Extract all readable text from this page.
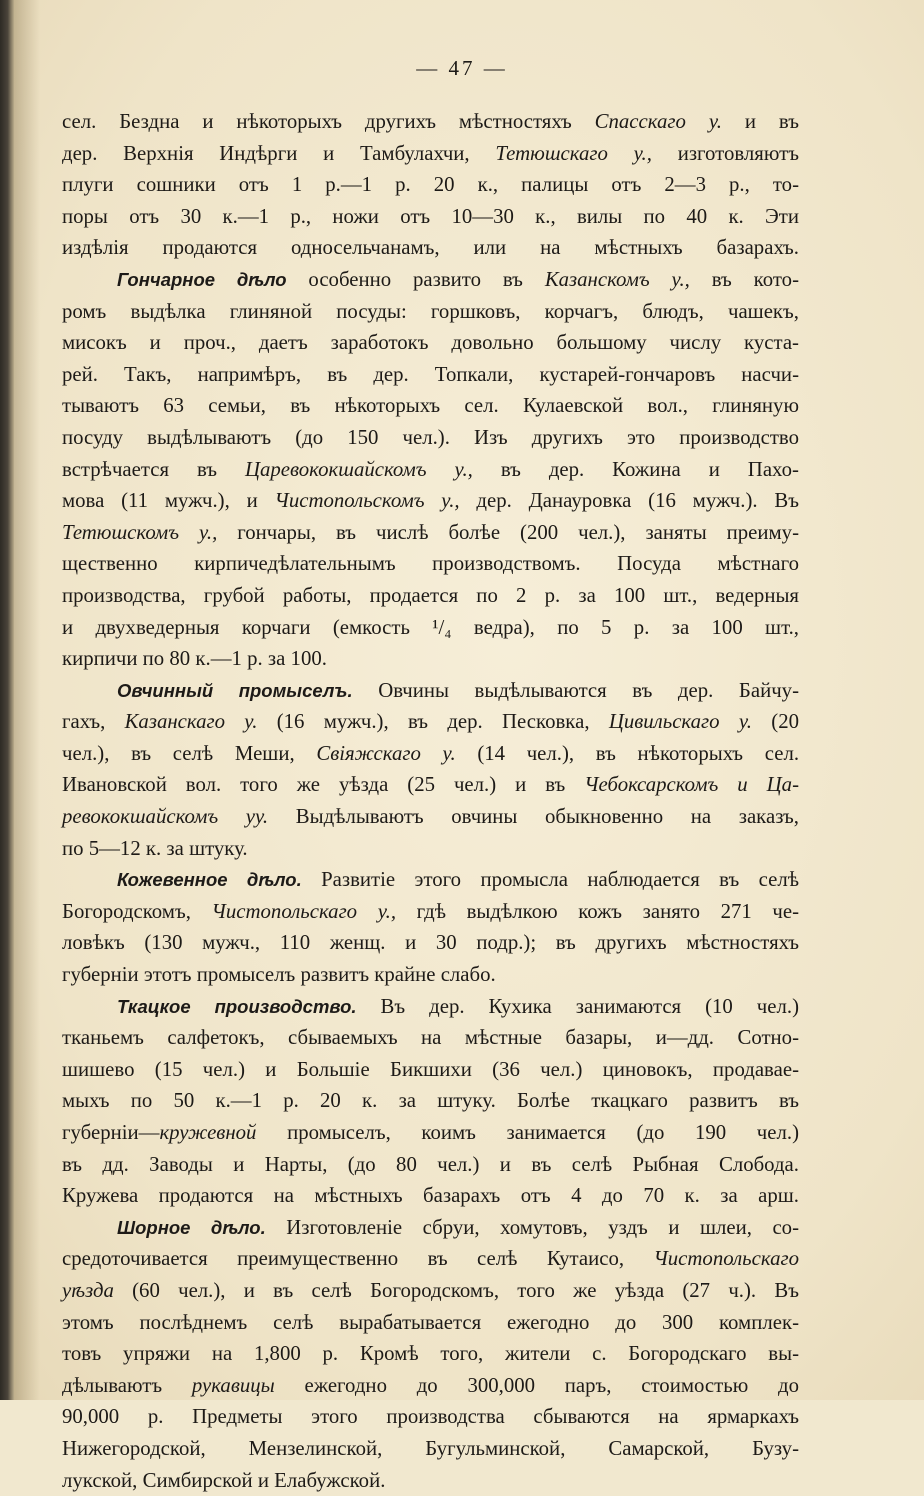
— 47 —
сел. Бездна и нѣкоторыхъ другихъ мѣстностяхъ Спасскаго у. и въ
дер. Верхнія Индѣрги и Тамбулахчи, Тетюшскаго у., изготовляютъ
плуги сошники отъ 1 р.—1 р. 20 к., палицы отъ 2—3 р., то-
поры отъ 30 к.—1 р., ножи отъ 10—30 к., вилы по 40 к. Эти
издѣлія продаются односельчанамъ, или на мѣстныхъ базарахъ.
Гончарное дѣло особенно развито въ Казанскомъ у., въ кото-
ромъ выдѣлка глиняной посуды: горшковъ, корчагъ, блюдъ, чашекъ,
мисокъ и проч., даетъ заработокъ довольно большому числу куста-
рей. Такъ, напримѣръ, въ дер. Топкали, кустарей-гончаровъ насчи-
тываютъ 63 семьи, въ нѣкоторыхъ сел. Кулаевской вол., глиняную
посуду выдѣлываютъ (до 150 чел.). Изъ другихъ это производство
встрѣчается въ Царевококшайскомъ у., въ дер. Кожина и Пахо-
мова (11 мужч.), и Чистопольскомъ у., дер. Данауровка (16 мужч.). Въ
Тетюшскомъ у., гончары, въ числѣ болѣе (200 чел.), заняты преиму-
щественно кирпичедѣлательнымъ производствомъ. Посуда мѣстнаго
производства, грубой работы, продается по 2 р. за 100 шт., ведерныя
и двухведерныя корчаги (емкость ¹/₄ ведра), по 5 р. за 100 шт.,
кирпичи по 80 к.—1 р. за 100.
Овчинный промыселъ. Овчины выдѣлываются въ дер. Байчу-
гахъ, Казанскаго у. (16 мужч.), въ дер. Песковка, Цивильскаго у. (20
чел.), въ селѣ Меши, Свіяжскаго у. (14 чел.), въ нѣкоторыхъ сел.
Ивановской вол. того же уѣзда (25 чел.) и въ Чебоксарскомъ и Ца-
ревококшайскомъ уу. Выдѣлываютъ овчины обыкновенно на заказъ,
по 5—12 к. за штуку.
Кожевенное дѣло. Развитіе этого промысла наблюдается въ селѣ
Богородскомъ, Чистопольскаго у., гдѣ выдѣлкою кожъ занято 271 че-
ловѣкъ (130 мужч., 110 женщ. и 30 подр.); въ другихъ мѣстностяхъ
губерніи этотъ промыселъ развитъ крайне слабо.
Ткацкое производство. Въ дер. Кухика занимаются (10 чел.)
тканьемъ салфетокъ, сбываемыхъ на мѣстные базары, и—дд. Сотно-
шишево (15 чел.) и Большіе Бикшихи (36 чел.) циновокъ, продавае-
мыхъ по 50 к.—1 р. 20 к. за штуку. Болѣе ткацкаго развитъ въ
губерніи—кружевной промыселъ, коимъ занимается (до 190 чел.)
въ дд. Заводы и Нарты, (до 80 чел.) и въ селѣ Рыбная Слобода.
Кружева продаются на мѣстныхъ базарахъ отъ 4 до 70 к. за арш.
Шорное дѣло. Изготовленіе сбруи, хомутовъ, уздъ и шлеи, со-
средоточивается преимущественно въ селѣ Кутаисо, Чистопольскаго
уѣзда (60 чел.), и въ селѣ Богородскомъ, того же уѣзда (27 ч.). Въ
этомъ послѣднемъ селѣ вырабатывается ежегодно до 300 комплек-
товъ упряжи на 1,800 р. Кромѣ того, жители с. Богородскаго вы-
дѣлываютъ рукавицы ежегодно до 300,000 паръ, стоимостью до
90,000 р. Предметы этого производства сбываются на ярмаркахъ
Нижегородской, Мензелинской, Бугульминской, Самарской, Бузу-
лукской, Симбирской и Елабужской.
